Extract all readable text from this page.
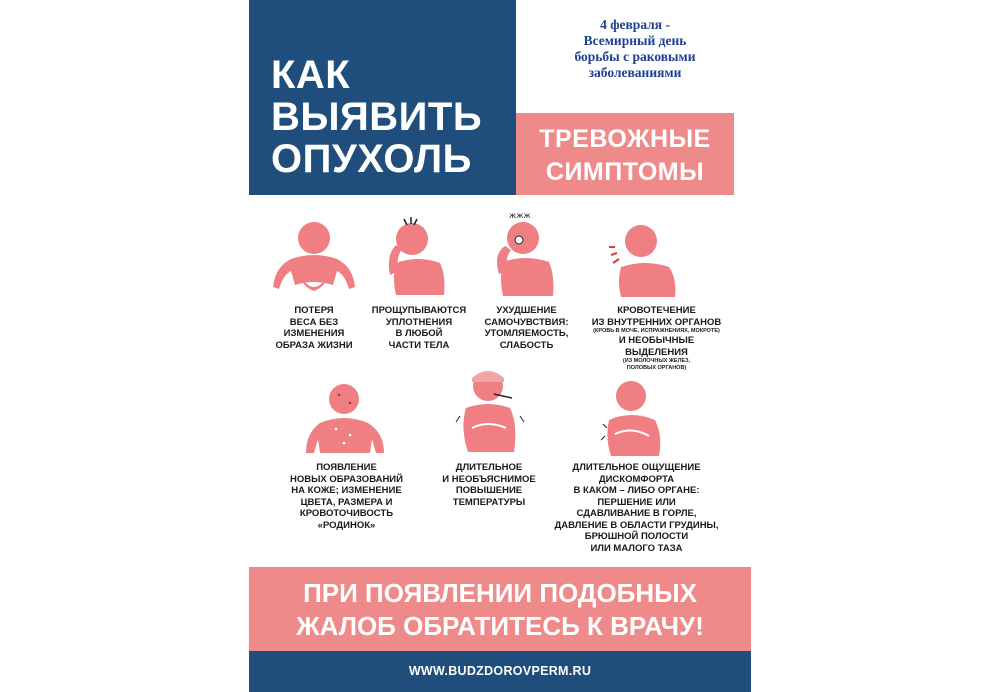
КАК
ВЫЯВИТЬ
ОПУХОЛЬ
4 февраля -
Всемирный день
борьбы с раковыми
заболеваниями
ТРЕВОЖНЫЕ
СИМПТОМЫ
ПОТЕРЯ
ВЕСА БЕЗ
ИЗМЕНЕНИЯ
ОБРАЗА ЖИЗНИ
ПРОЩУПЫВАЮТСЯ
УПЛОТНЕНИЯ
В ЛЮБОЙ
ЧАСТИ ТЕЛА
жжж
УХУДШЕНИЕ
САМОЧУВСТВИЯ:
УТОМЛЯЕМОСТЬ,
СЛАБОСТЬ
КРОВОТЕЧЕНИЕ
ИЗ ВНУТРЕННИХ ОРГАНОВ
(КРОВЬ В МОЧЕ, ИСПРАЖНЕНИЯХ, МОКРОТЕ)
И НЕОБЫЧНЫЕ
ВЫДЕЛЕНИЯ
(ИЗ МОЛОЧНЫХ ЖЕЛЕЗ,
ПОЛОВЫХ ОРГАНОВ)
ПОЯВЛЕНИЕ
НОВЫХ ОБРАЗОВАНИЙ
НА КОЖЕ; ИЗМЕНЕНИЕ
ЦВЕТА, РАЗМЕРА И
КРОВОТОЧИВОСТЬ
«РОДИНОК»
ДЛИТЕЛЬНОЕ
И НЕОБЪЯСНИМОЕ
ПОВЫШЕНИЕ
ТЕМПЕРАТУРЫ
ДЛИТЕЛЬНОЕ ОЩУЩЕНИЕ
ДИСКОМФОРТА
В КАКОМ – ЛИБО ОРГАНЕ:
ПЕРШЕНИЕ ИЛИ
СДАВЛИВАНИЕ В ГОРЛЕ,
ДАВЛЕНИЕ В ОБЛАСТИ ГРУДИНЫ,
БРЮШНОЙ ПОЛОСТИ
ИЛИ МАЛОГО ТАЗА
ПРИ ПОЯВЛЕНИИ ПОДОБНЫХ
ЖАЛОБ ОБРАТИТЕСЬ К ВРАЧУ!
WWW.BUDZDOROVPERM.RU
